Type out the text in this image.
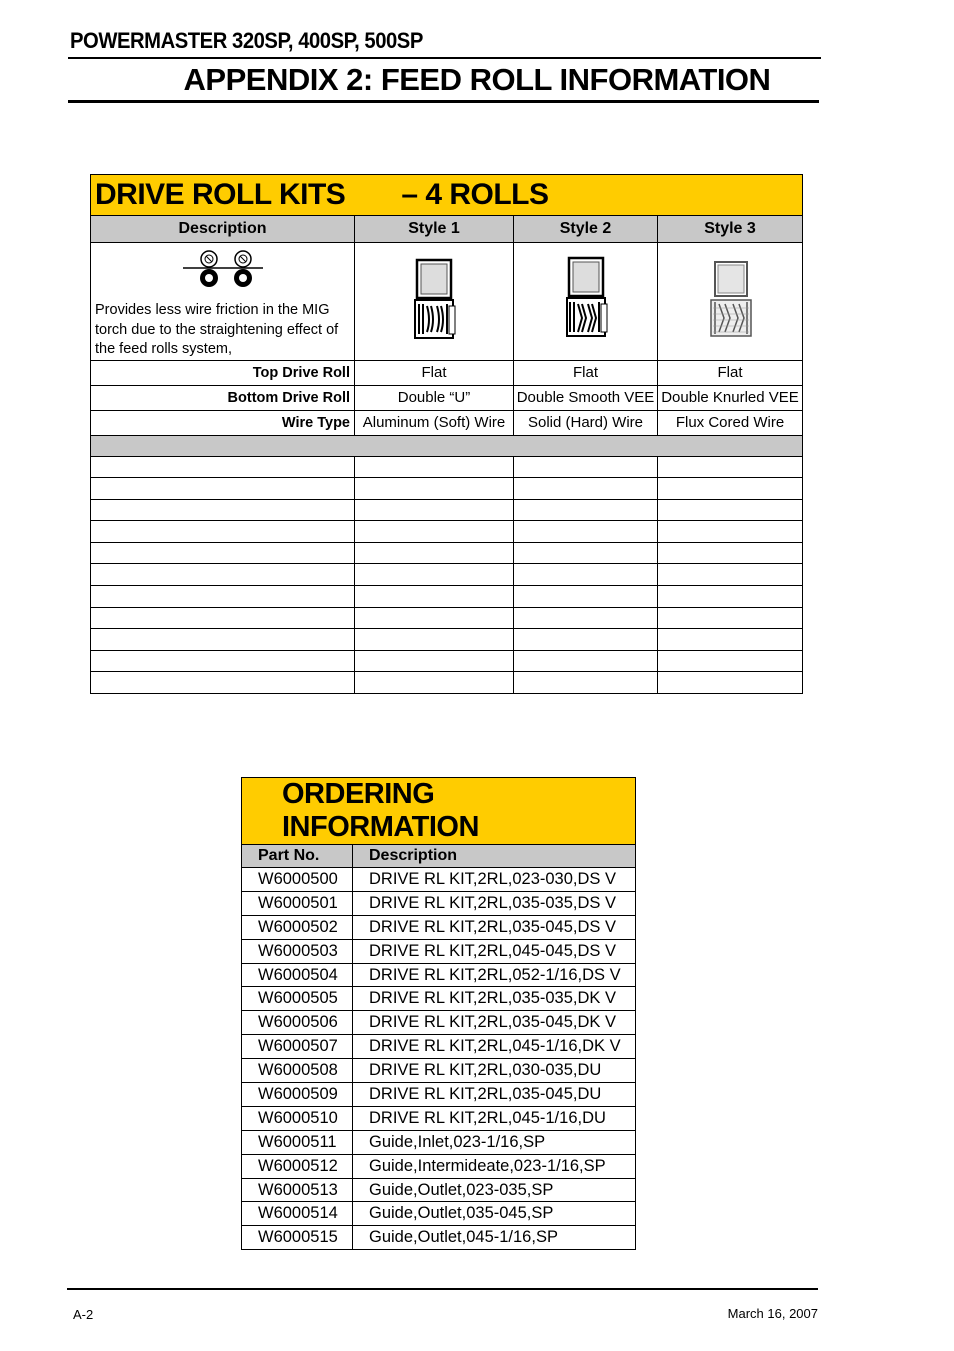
POWERMASTER 320SP, 400SP, 500SP
APPENDIX 2: FEED ROLL INFORMATION
DRIVE ROLL KITS – 4 ROLLS			
Description	Style 1	Style 2	Style 3

Provides less wire friction in the MIG torch due to the straightening effect of the feed rolls system,

Top Drive Roll	Flat	Flat	Flat
Bottom Drive Roll	Double “U”	Double Smooth VEE	Double Knurled VEE
Wire Type	Aluminum (Soft) Wire	Solid (Hard) Wire	Flux Cored Wire

ORDERING INFORMATION	
Part No.	Description
W6000500	DRIVE RL KIT,2RL,023-030,DS V
W6000501	DRIVE RL KIT,2RL,035-035,DS V
W6000502	DRIVE RL KIT,2RL,035-045,DS V
W6000503	DRIVE RL KIT,2RL,045-045,DS V
W6000504	DRIVE RL KIT,2RL,052-1/16,DS V
W6000505	DRIVE RL KIT,2RL,035-035,DK V
W6000506	DRIVE RL KIT,2RL,035-045,DK V
W6000507	DRIVE RL KIT,2RL,045-1/16,DK V
W6000508	DRIVE RL KIT,2RL,030-035,DU
W6000509	DRIVE RL KIT,2RL,035-045,DU
W6000510	DRIVE RL KIT,2RL,045-1/16,DU
W6000511	Guide,Inlet,023-1/16,SP
W6000512	Guide,Intermideate,023-1/16,SP
W6000513	Guide,Outlet,023-035,SP
W6000514	Guide,Outlet,035-045,SP
W6000515	Guide,Outlet,045-1/16,SP
A-2	March 16, 2007
